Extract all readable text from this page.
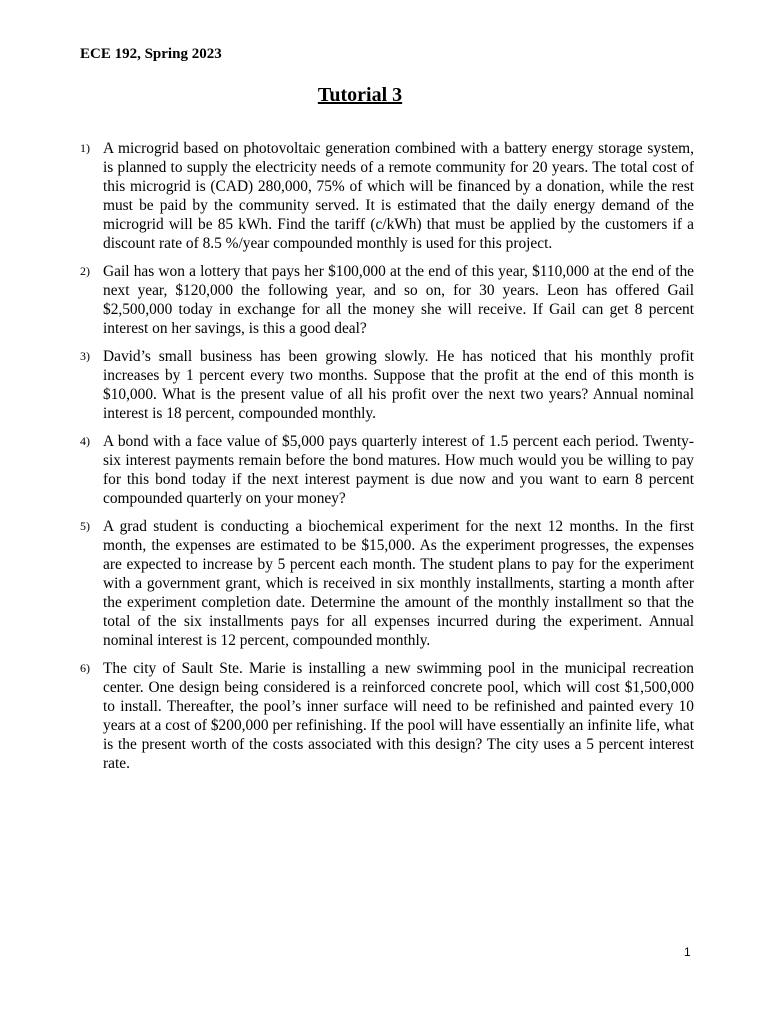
ECE 192, Spring 2023
Tutorial 3
1) A microgrid based on photovoltaic generation combined with a battery energy storage system, is planned to supply the electricity needs of a remote community for 20 years. The total cost of this microgrid is (CAD) 280,000, 75% of which will be financed by a donation, while the rest must be paid by the community served. It is estimated that the daily energy demand of the microgrid will be 85 kWh. Find the tariff (c/kWh) that must be applied by the customers if a discount rate of 8.5 %/year compounded monthly is used for this project.

2) Gail has won a lottery that pays her $100,000 at the end of this year, $110,000 at the end of the next year, $120,000 the following year, and so on, for 30 years. Leon has offered Gail $2,500,000 today in exchange for all the money she will receive. If Gail can get 8 percent interest on her savings, is this a good deal?

3) David’s small business has been growing slowly. He has noticed that his monthly profit increases by 1 percent every two months. Suppose that the profit at the end of this month is $10,000. What is the present value of all his profit over the next two years? Annual nominal interest is 18 percent, compounded monthly.

4) A bond with a face value of $5,000 pays quarterly interest of 1.5 percent each period. Twenty-six interest payments remain before the bond matures. How much would you be willing to pay for this bond today if the next interest payment is due now and you want to earn 8 percent compounded quarterly on your money?

5) A grad student is conducting a biochemical experiment for the next 12 months. In the first month, the expenses are estimated to be $15,000. As the experiment progresses, the expenses are expected to increase by 5 percent each month. The student plans to pay for the experiment with a government grant, which is received in six monthly installments, starting a month after the experiment completion date. Determine the amount of the monthly installment so that the total of the six installments pays for all expenses incurred during the experiment. Annual nominal interest is 12 percent, compounded monthly.

6) The city of Sault Ste. Marie is installing a new swimming pool in the municipal recreation center. One design being considered is a reinforced concrete pool, which will cost $1,500,000 to install. Thereafter, the pool’s inner surface will need to be refinished and painted every 10 years at a cost of $200,000 per refinishing. If the pool will have essentially an infinite life, what is the present worth of the costs associated with this design? The city uses a 5 percent interest rate.

1
